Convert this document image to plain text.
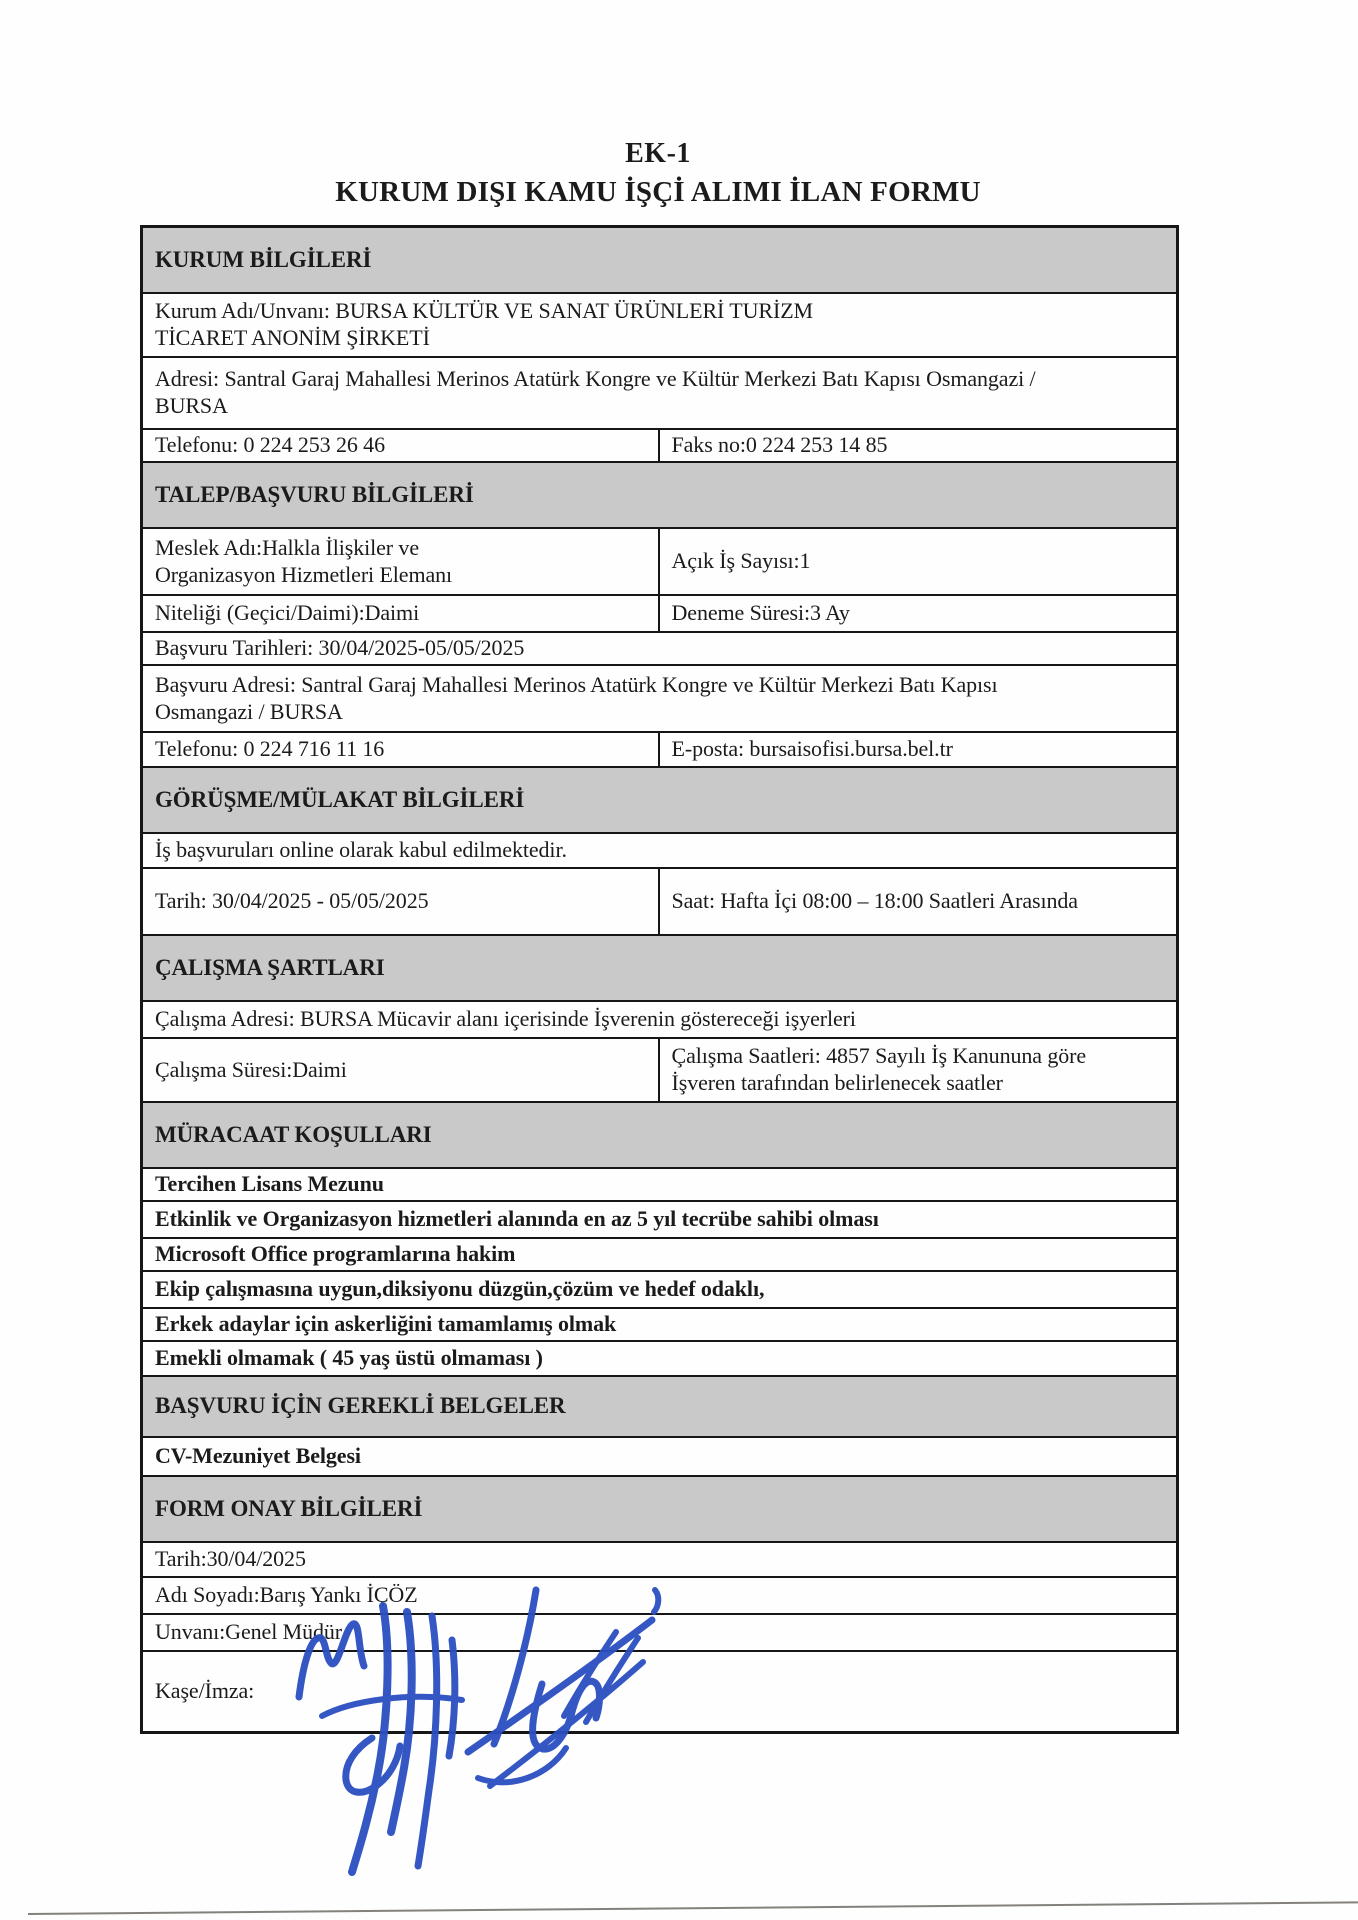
EK-1
KURUM DIŞI KAMU İŞÇİ ALIMI İLAN FORMU
KURUM BİLGİLERİ	

Kurum Adı/Unvanı: BURSA KÜLTÜR VE SANAT ÜRÜNLERİ TURİZM TİCARET ANONİM ŞİRKETİ	

Adresi: Santral Garaj Mahallesi Merinos Atatürk Kongre ve Kültür Merkezi Batı Kapısı Osmangazi / BURSA	

Telefonu: 0 224 253 26 46	Faks no:0 224 253 14 85
TALEP/BAŞVURU BİLGİLERİ	

Meslek Adı:Halkla İlişkiler ve Organizasyon Hizmetleri Elemanı	Açık İş Sayısı:1
Niteliği (Geçici/Daimi):Daimi	Deneme Süresi:3 Ay
Başvuru Tarihleri: 30/04/2025-05/05/2025	

Başvuru Adresi: Santral Garaj Mahallesi Merinos Atatürk Kongre ve Kültür Merkezi Batı Kapısı Osmangazi / BURSA	

Telefonu: 0 224 716 11 16	E-posta: bursaisofisi.bursa.bel.tr
GÖRÜŞME/MÜLAKAT BİLGİLERİ	
İş başvuruları online olarak kabul edilmektedir.	
Tarih: 30/04/2025 - 05/05/2025	Saat: Hafta İçi 08:00 – 18:00 Saatleri Arasında

ÇALIŞMA ŞARTLARI	
Çalışma Adresi: BURSA Mücavir alanı içerisinde İşverenin göstereceği işyerleri	
Çalışma Süresi:Daimi	Çalışma Saatleri: 4857 Sayılı İş Kanununa göre İşveren tarafından belirlenecek saatler

MÜRACAAT KOŞULLARI	
Tercihen Lisans Mezunu	
Etkinlik ve Organizasyon hizmetleri alanında en az 5 yıl tecrübe sahibi olması	
Microsoft Office programlarına hakim	
Ekip çalışmasına uygun,diksiyonu düzgün,çözüm ve hedef odaklı,	
Erkek adaylar için askerliğini tamamlamış olmak	
Emekli olmamak ( 45 yaş üstü olmaması )	
BAŞVURU İÇİN GEREKLİ BELGELER	
CV-Mezuniyet Belgesi	
FORM ONAY BİLGİLERİ	
Tarih:30/04/2025	
Adı Soyadı:Barış Yankı İÇÖZ	
Unvanı:Genel Müdür	
Kaşe/İmza:	
